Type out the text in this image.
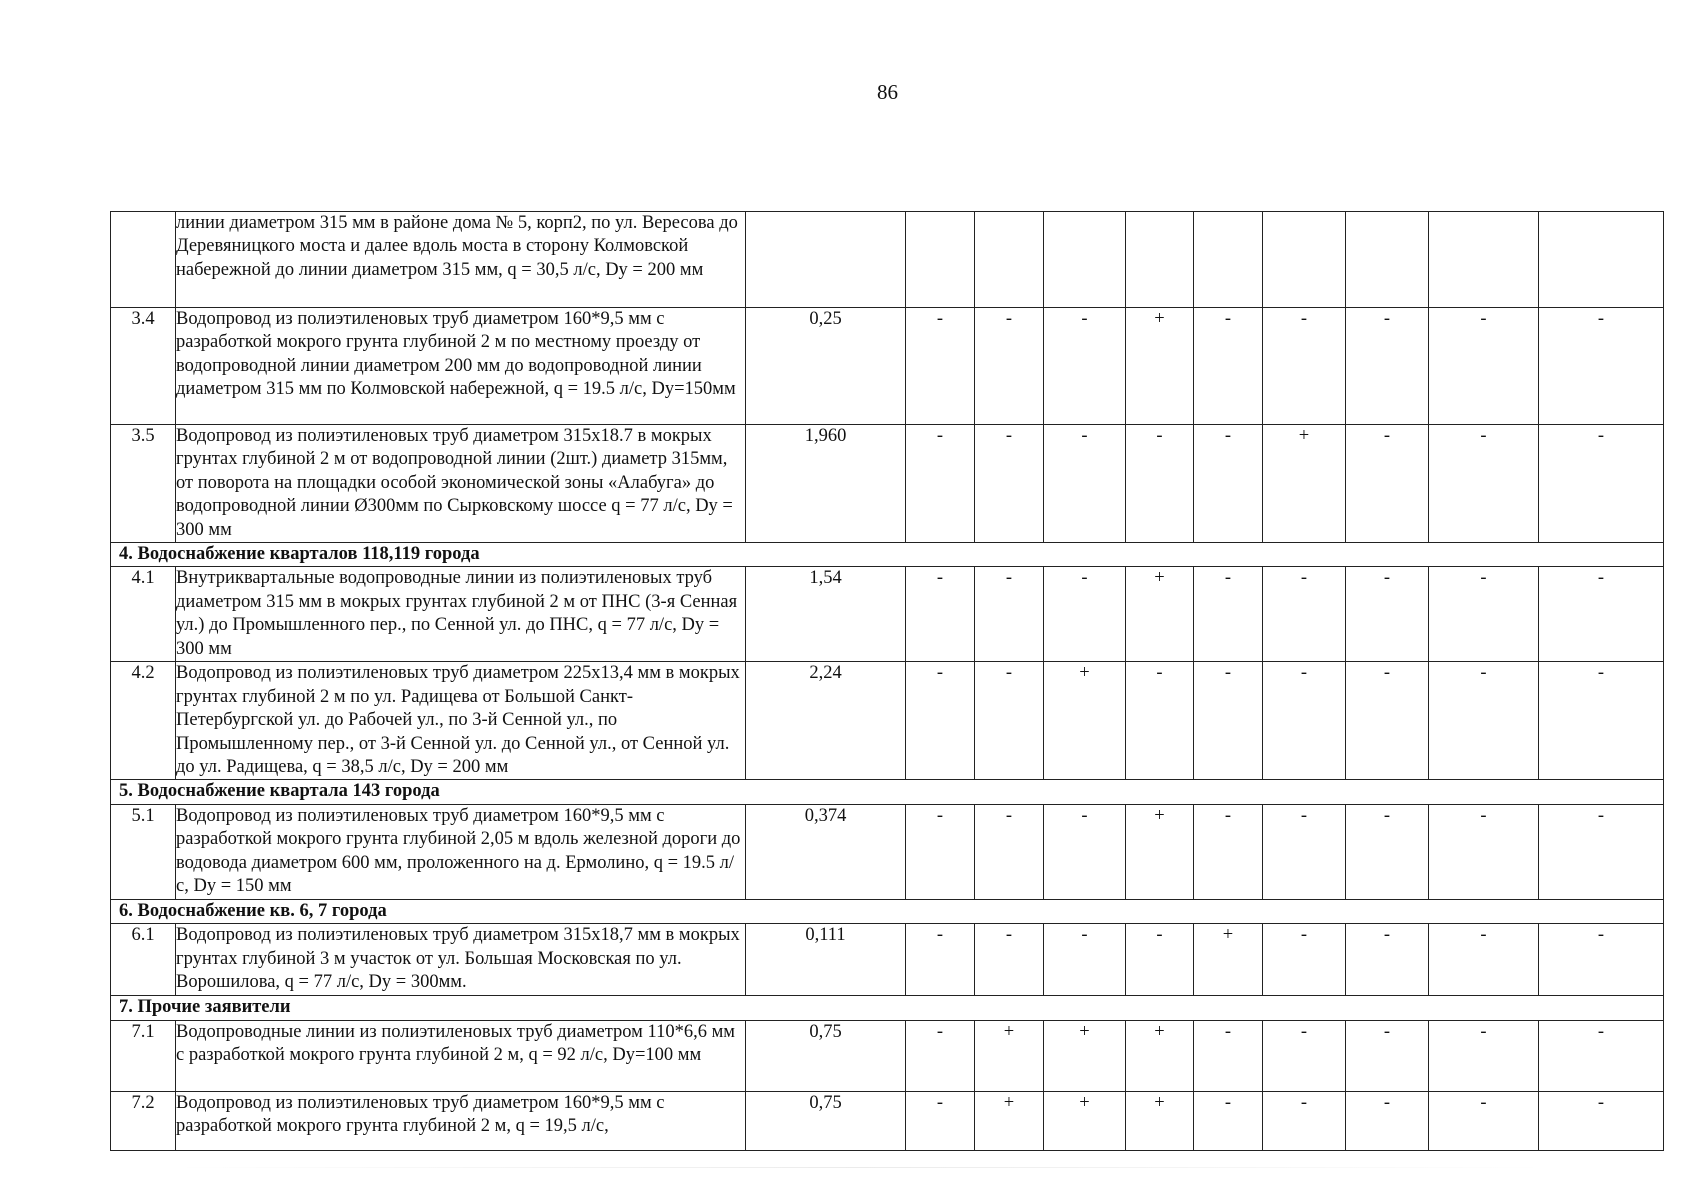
86
	линии диаметром 315 мм в районе дома № 5, корп2, по ул. Вересова до Деревяницкого моста и далее вдоль моста в сторону Колмовской набережной до линии диаметром 315 мм, q = 30,5 л/с, Dy = 200 мм										
3.4	Водопровод из полиэтиленовых труб диаметром 160*9,5 мм с разработкой мокрого грунта глубиной 2 м по местному проезду от водопроводной линии диаметром 200 мм до водопроводной линии диаметром 315 мм по Колмовской набережной, q = 19.5 л/с, Dy=150мм	0,25	-	-	-	+	-	-	-	-	-
3.5	Водопровод из полиэтиленовых труб диаметром 315x18.7 в мокрых грунтах глубиной 2 м от водопроводной линии (2шт.) диаметр 315мм, от поворота на площадки особой экономической зоны «Алабуга» до водопроводной линии Ø300мм по Сырковскому шоссе q = 77 л/с, Dy = 300 мм	1,960	-	-	-	-	-	+	-	-	-
4. Водоснабжение кварталов 118,119 города											
4.1	Внутриквартальные водопроводные линии из полиэтиленовых труб диаметром 315 мм в мокрых грунтах глубиной 2 м от ПНС (3-я Сенная ул.) до Промышленного пер., по Сенной ул. до ПНС, q = 77 л/с, Dy = 300 мм	1,54	-	-	-	+	-	-	-	-	-
4.2	Водопровод из полиэтиленовых труб диаметром 225x13,4 мм в мокрых грунтах глубиной 2 м по ул. Радищева от Большой Санкт-Петербургской ул. до Рабочей ул., по 3-й Сенной ул., по Промышленному пер., от 3-й Сенной ул. до Сенной ул., от Сенной ул. до ул. Радищева, q = 38,5 л/с, Dy = 200 мм	2,24	-	-	+	-	-	-	-	-	-
5. Водоснабжение квартала 143 города											
5.1	Водопровод из полиэтиленовых труб диаметром 160*9,5 мм с разработкой мокрого грунта глубиной 2,05 м вдоль железной дороги до водовода диаметром 600 мм, проложенного на д. Ермолино, q = 19.5 л/с, Dy = 150 мм	0,374	-	-	-	+	-	-	-	-	-
6. Водоснабжение кв. 6, 7 города											
6.1	Водопровод из полиэтиленовых труб диаметром 315x18,7 мм в мокрых грунтах глубиной 3 м участок от ул. Большая Московская по ул. Ворошилова, q = 77 л/с, Dy = 300мм.	0,111	-	-	-	-	+	-	-	-	-
7. Прочие заявители											
7.1	Водопроводные линии из полиэтиленовых труб диаметром 110*6,6 мм с разработкой мокрого грунта глубиной 2 м, q = 92 л/с, Dy=100 мм	0,75	-	+	+	+	-	-	-	-	-
7.2	Водопровод из полиэтиленовых труб диаметром 160*9,5 мм с разработкой мокрого грунта глубиной 2 м, q = 19,5 л/с,	0,75	-	+	+	+	-	-	-	-	-
